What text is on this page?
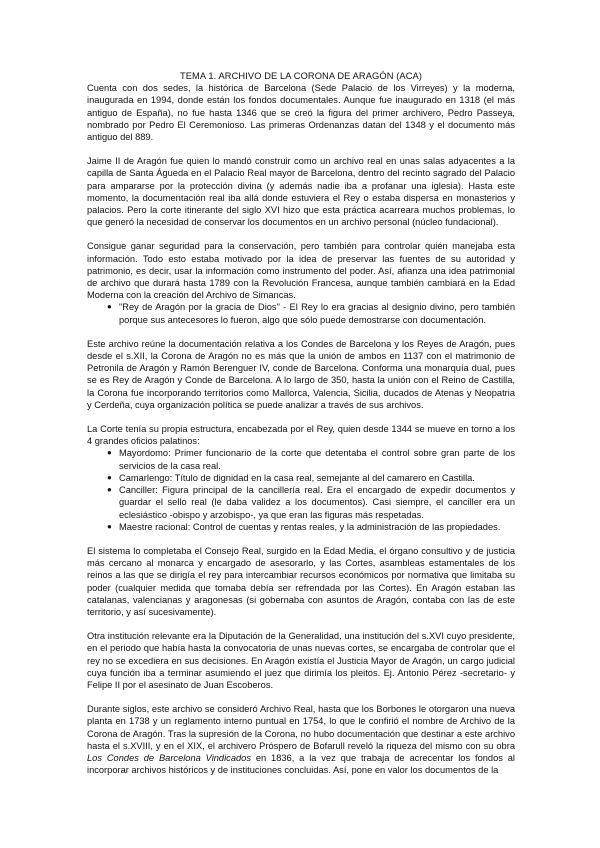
TEMA 1. ARCHIVO DE LA CORONA DE ARAGÓN (ACA)

Cuenta con dos sedes, la histórica de Barcelona (Sede Palacio de los Virreyes) y la moderna, inaugurada en 1994, donde están los fondos documentales. Aunque fue inaugurado en 1318 (el más antiguo de España), no fue hasta 1346 que se creó la figura del primer archivero, Pedro Passeya, nombrado por Pedro El Ceremonioso. Las primeras Ordenanzas datan del 1348 y el documento más antiguo del 889.

Jaime II de Aragón fue quien lo mandó construir como un archivo real en unas salas adyacentes a la capilla de Santa Águeda en el Palacio Real mayor de Barcelona, dentro del recinto sagrado del Palacio para ampararse por la protección divina (y además nadie iba a profanar una iglesia). Hasta este momento, la documentación real iba allá donde estuviera el Rey o estaba dispersa en monasterios y palacios. Pero la corte itinerante del siglo XVI hizo que esta práctica acarreara muchos problemas, lo que generó la necesidad de conservar los documentos en un archivo personal (núcleo fundacional).

Consigue ganar seguridad para la conservación, pero también para controlar quién manejaba esta información. Todo esto estaba motivado por la idea de preservar las fuentes de su autoridad y patrimonio, es decir, usar la información como instrumento del poder. Así, afianza una idea patrimonial de archivo que durará hasta 1789 con la Revolución Francesa, aunque también cambiará en la Edad Moderna con la creación del Archivo de Simancas.

● "Rey de Aragón por la gracia de Dios" - El Rey lo era gracias al designio divino, pero también porque sus antecesores lo fueron, algo que sólo puede demostrarse con documentación.

Este archivo reúne la documentación relativa a los Condes de Barcelona y los Reyes de Aragón, pues desde el s.XII, la Corona de Aragón no es más que la unión de ambos en 1137 con el matrimonio de Petronila de Aragón y Ramón Berenguer IV, conde de Barcelona. Conforma una monarquía dual, pues se es Rey de Aragón y Conde de Barcelona. A lo largo de 350, hasta la unión con el Reino de Castilla, la Corona fue incorporando territorios como Mallorca, Valencia, Sicilia, ducados de Atenas y Neopatria y Cerdeña, cuya organización política se puede analizar a través de sus archivos.

La Corte tenía su propia estructura, encabezada por el Rey, quien desde 1344 se mueve en torno a los 4 grandes oficios palatinos:

● Mayordomo: Primer funcionario de la corte que detentaba el control sobre gran parte de los servicios de la casa real.
● Camarlengo: Título de dignidad en la casa real, semejante al del camarero en Castilla.
● Canciller: Figura principal de la cancillería real. Era el encargado de expedir documentos y guardar el sello real (le daba validez a los documentos). Casi siempre, el canciller era un eclesiástico -obispo y arzobispo-, ya que eran las figuras más respetadas.
● Maestre racional: Control de cuentas y rentas reales, y la administración de las propiedades.

El sistema lo completaba el Consejo Real, surgido en la Edad Media, el órgano consultivo y de justicia más cercano al monarca y encargado de asesorarlo, y las Cortes, asambleas estamentales de los reinos a las que se dirigía el rey para intercambiar recursos económicos por normativa que limitaba su poder (cualquier medida que tomaba debía ser refrendada por las Cortes). En Aragón estaban las catalanas, valencianas y aragonesas (si gobernaba con asuntos de Aragón, contaba con las de este territorio, y así sucesivamente).

Otra institución relevante era la Diputación de la Generalidad, una institución del s.XVI cuyo presidente, en el periodo que había hasta la convocatoria de unas nuevas cortes, se encargaba de controlar que el rey no se excediera en sus decisiones. En Aragón existía el Justicia Mayor de Aragón, un cargo judicial cuya función iba a terminar asumiendo el juez que dirimía los pleitos. Ej. Antonio Pérez -secretario- y Felipe II por el asesinato de Juan Escoberos.

Durante siglos, este archivo se consideró Archivo Real, hasta que los Borbones le otorgaron una nueva planta en 1738 y un reglamento interno puntual en 1754, lo que le confirió el nombre de Archivo de la Corona de Aragón. Tras la supresión de la Corona, no hubo documentación que destinar a este archivo hasta el s.XVIII, y en el XIX, el archivero Próspero de Bofarull reveló la riqueza del mismo con su obra Los Condes de Barcelona Vindicados en 1836, a la vez que trabaja de acrecentar los fondos al incorporar archivos históricos y de instituciones concluidas. Así, pone en valor los documentos de la
